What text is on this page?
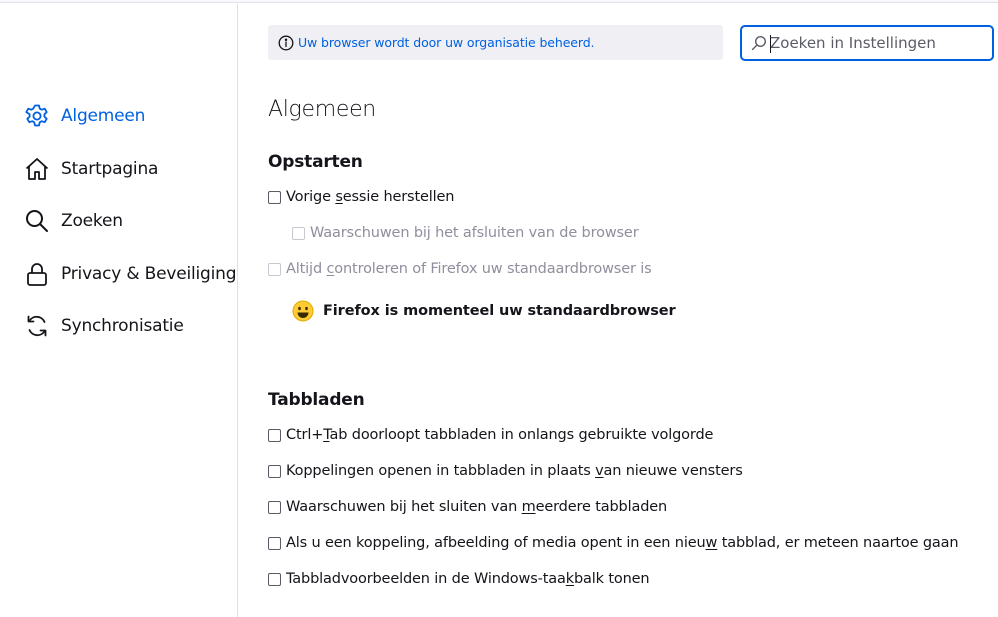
Algemeen
Startpagina
Zoeken
Privacy & Beveiliging
Synchronisatie
Uw browser wordt door uw organisatie beheerd.
Zoeken in Instellingen
Algemeen
Opstarten
Vorige sessie herstellen
Waarschuwen bij het afsluiten van de browser
Altijd controleren of Firefox uw standaardbrowser is
Firefox is momenteel uw standaardbrowser
Tabbladen
Ctrl+Tab doorloopt tabbladen in onlangs gebruikte volgorde
Koppelingen openen in tabbladen in plaats van nieuwe vensters
Waarschuwen bij het sluiten van meerdere tabbladen
Als u een koppeling, afbeelding of media opent in een nieuw tabblad, er meteen naartoe gaan
Tabbladvoorbeelden in de Windows-taakbalk tonen
